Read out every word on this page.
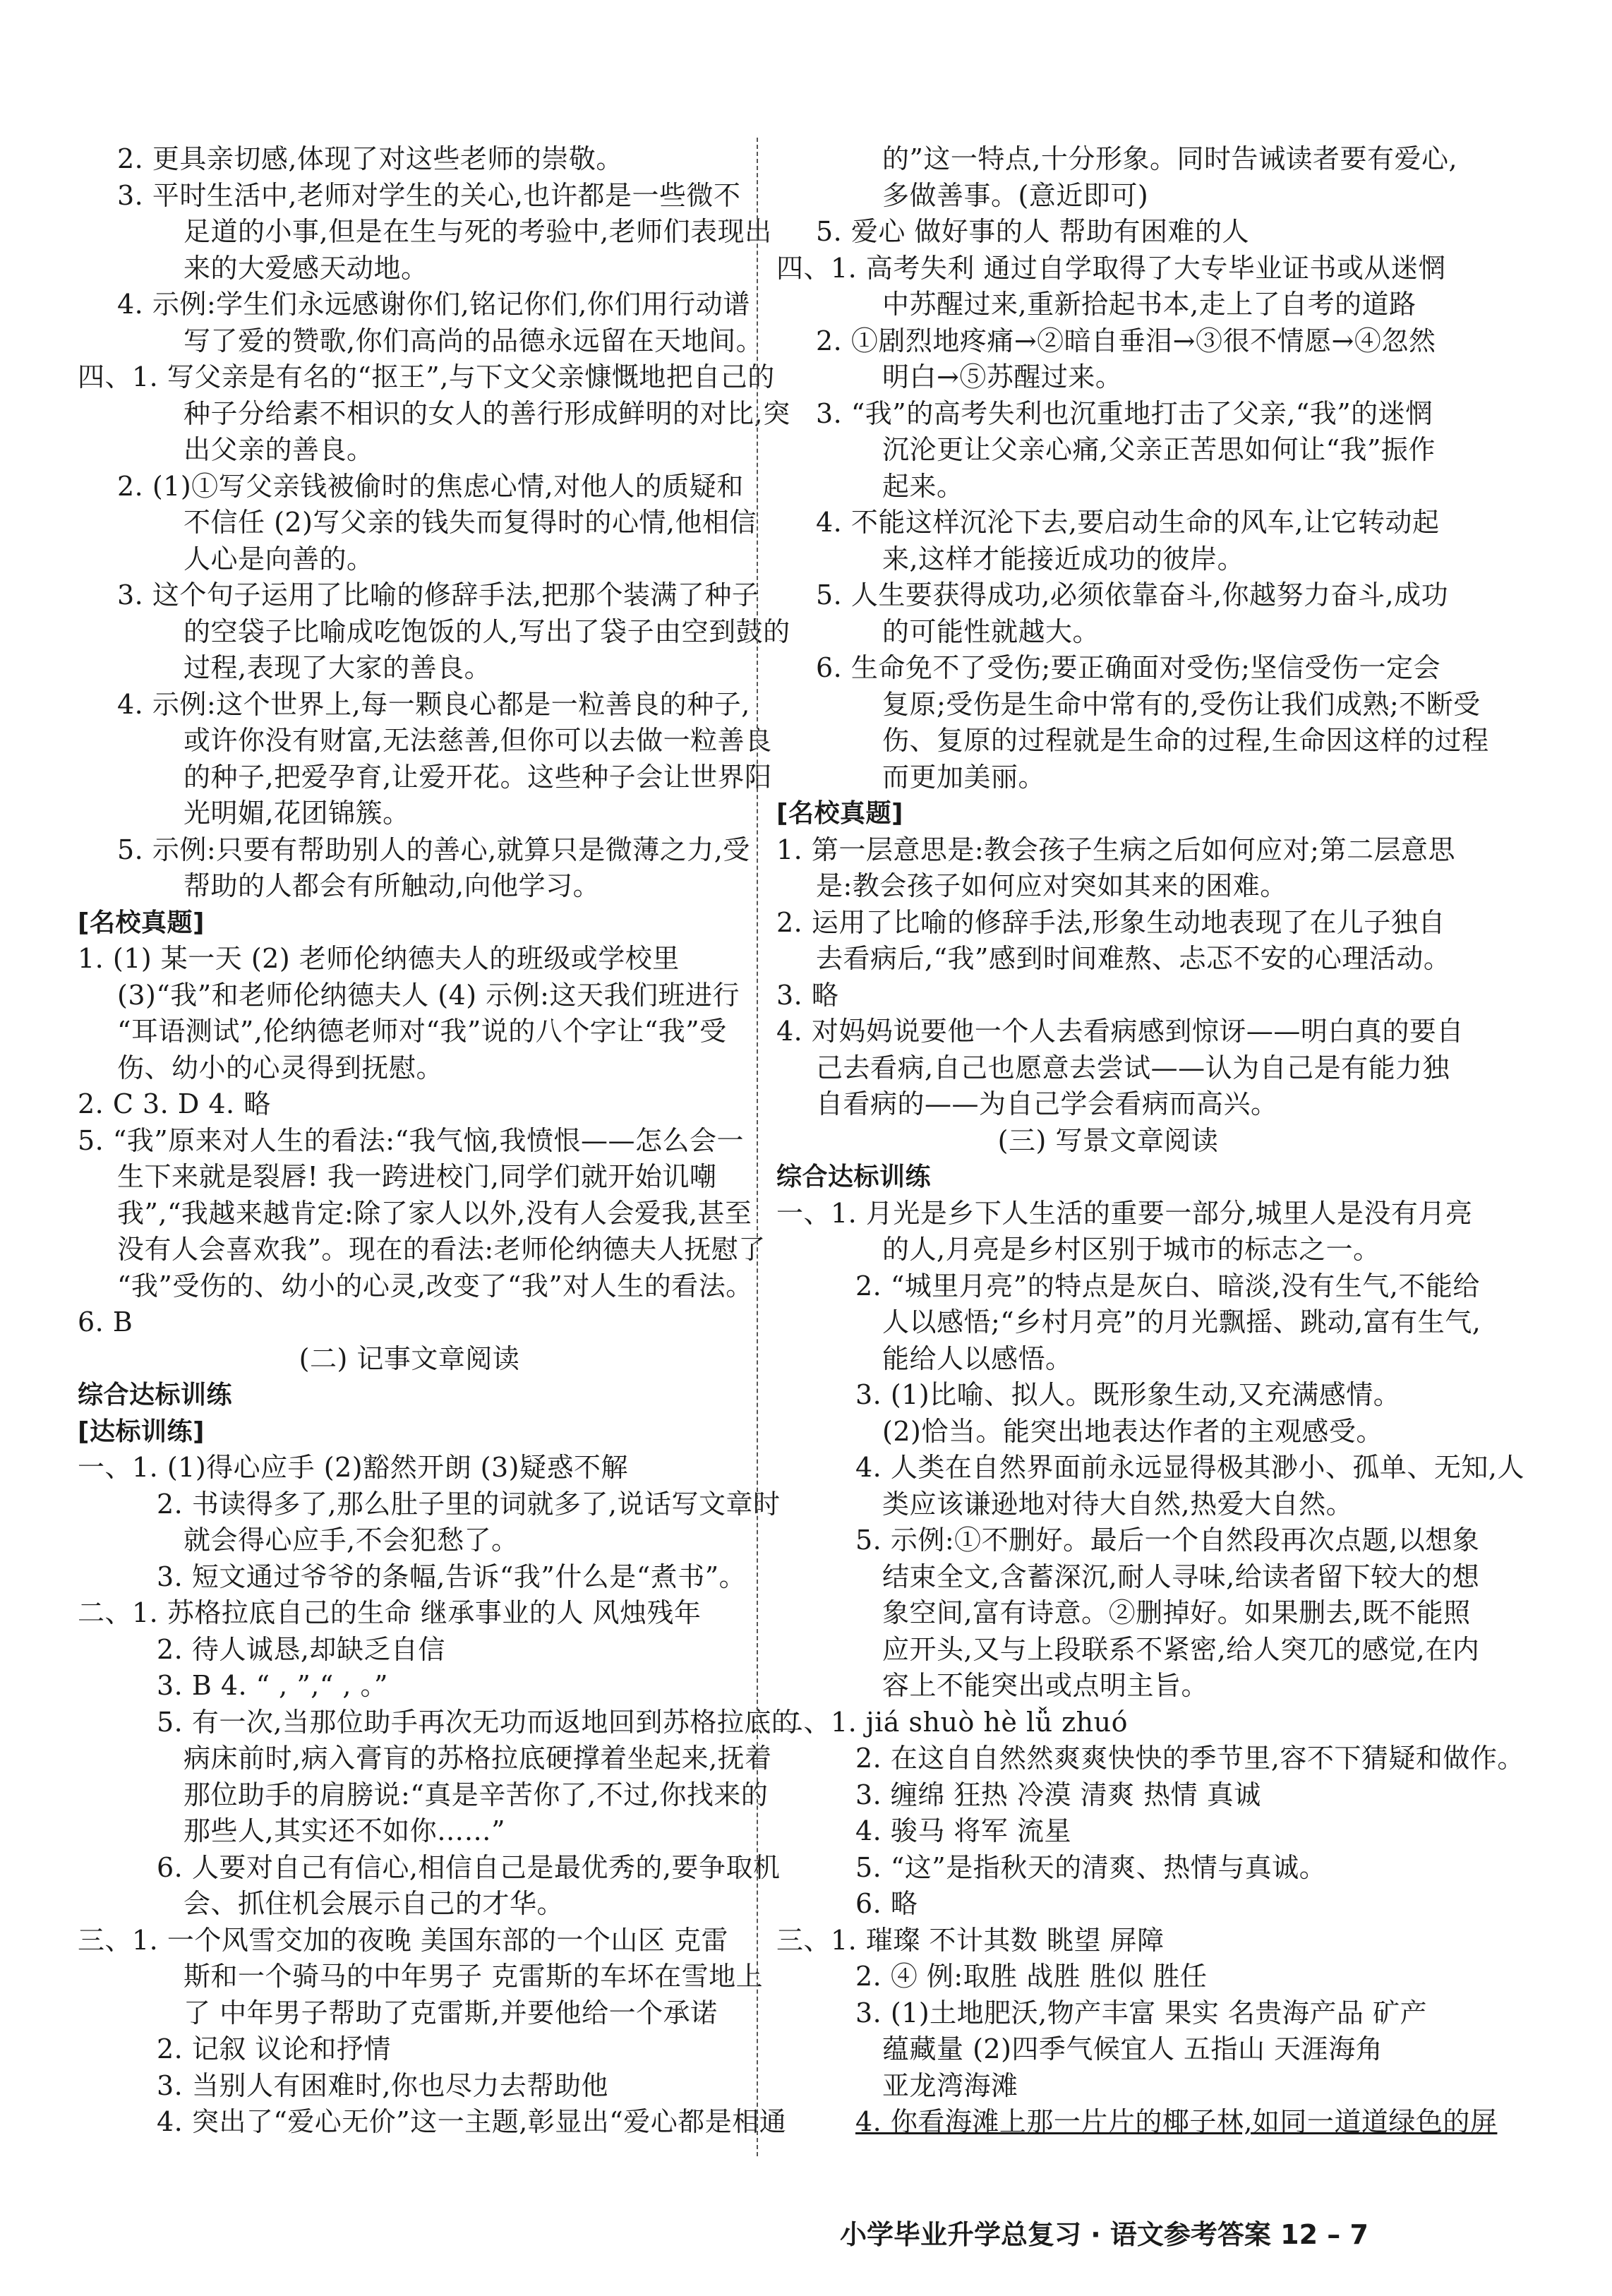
2. 更具亲切感,体现了对这些老师的崇敬。
3. 平时生活中,老师对学生的关心,也许都是一些微不
足道的小事,但是在生与死的考验中,老师们表现出
来的大爱感天动地。
4. 示例:学生们永远感谢你们,铭记你们,你们用行动谱
写了爱的赞歌,你们高尚的品德永远留在天地间。
四、1. 写父亲是有名的“抠王”,与下文父亲慷慨地把自己的
种子分给素不相识的女人的善行形成鲜明的对比,突
出父亲的善良。
2. (1)①写父亲钱被偷时的焦虑心情,对他人的质疑和
不信任 (2)写父亲的钱失而复得时的心情,他相信
人心是向善的。
3. 这个句子运用了比喻的修辞手法,把那个装满了种子
的空袋子比喻成吃饱饭的人,写出了袋子由空到鼓的
过程,表现了大家的善良。
4. 示例:这个世界上,每一颗良心都是一粒善良的种子,
或许你没有财富,无法慈善,但你可以去做一粒善良
的种子,把爱孕育,让爱开花。这些种子会让世界阳
光明媚,花团锦簇。
5. 示例:只要有帮助别人的善心,就算只是微薄之力,受
帮助的人都会有所触动,向他学习。
[名校真题]
1. (1) 某一天 (2) 老师伦纳德夫人的班级或学校里
(3)“我”和老师伦纳德夫人 (4) 示例:这天我们班进行
“耳语测试”,伦纳德老师对“我”说的八个字让“我”受
伤、幼小的心灵得到抚慰。
2. C 3. D 4. 略
5. “我”原来对人生的看法:“我气恼,我愤恨——怎么会一
生下来就是裂唇! 我一跨进校门,同学们就开始讥嘲
我”,“我越来越肯定:除了家人以外,没有人会爱我,甚至
没有人会喜欢我”。现在的看法:老师伦纳德夫人抚慰了
“我”受伤的、幼小的心灵,改变了“我”对人生的看法。
6. B
(二) 记事文章阅读
综合达标训练
[达标训练]
一、1. (1)得心应手 (2)豁然开朗 (3)疑惑不解
2. 书读得多了,那么肚子里的词就多了,说话写文章时
就会得心应手,不会犯愁了。
3. 短文通过爷爷的条幅,告诉“我”什么是“煮书”。
二、1. 苏格拉底自己的生命 继承事业的人 风烛残年
2. 待人诚恳,却缺乏自信
3. B 4. “ , ”,“ , 。”
5. 有一次,当那位助手再次无功而返地回到苏格拉底的
病床前时,病入膏肓的苏格拉底硬撑着坐起来,抚着
那位助手的肩膀说:“真是辛苦你了,不过,你找来的
那些人,其实还不如你……”
6. 人要对自己有信心,相信自己是最优秀的,要争取机
会、抓住机会展示自己的才华。
三、1. 一个风雪交加的夜晚 美国东部的一个山区 克雷
斯和一个骑马的中年男子 克雷斯的车坏在雪地上
了 中年男子帮助了克雷斯,并要他给一个承诺
2. 记叙 议论和抒情
3. 当别人有困难时,你也尽力去帮助他
4. 突出了“爱心无价”这一主题,彰显出“爱心都是相通
的”这一特点,十分形象。同时告诫读者要有爱心,
多做善事。(意近即可)
5. 爱心 做好事的人 帮助有困难的人
四、1. 高考失利 通过自学取得了大专毕业证书或从迷惘
中苏醒过来,重新拾起书本,走上了自考的道路
2. ①剧烈地疼痛→②暗自垂泪→③很不情愿→④忽然
明白→⑤苏醒过来。
3. “我”的高考失利也沉重地打击了父亲,“我”的迷惘
沉沦更让父亲心痛,父亲正苦思如何让“我”振作
起来。
4. 不能这样沉沦下去,要启动生命的风车,让它转动起
来,这样才能接近成功的彼岸。
5. 人生要获得成功,必须依靠奋斗,你越努力奋斗,成功
的可能性就越大。
6. 生命免不了受伤;要正确面对受伤;坚信受伤一定会
复原;受伤是生命中常有的,受伤让我们成熟;不断受
伤、复原的过程就是生命的过程,生命因这样的过程
而更加美丽。
[名校真题]
1. 第一层意思是:教会孩子生病之后如何应对;第二层意思
是:教会孩子如何应对突如其来的困难。
2. 运用了比喻的修辞手法,形象生动地表现了在儿子独自
去看病后,“我”感到时间难熬、忐忑不安的心理活动。
3. 略
4. 对妈妈说要他一个人去看病感到惊讶——明白真的要自
己去看病,自己也愿意去尝试——认为自己是有能力独
自看病的——为自己学会看病而高兴。
(三) 写景文章阅读
综合达标训练
一、1. 月光是乡下人生活的重要一部分,城里人是没有月亮
的人,月亮是乡村区别于城市的标志之一。
2. “城里月亮”的特点是灰白、暗淡,没有生气,不能给
人以感悟;“乡村月亮”的月光飘摇、跳动,富有生气,
能给人以感悟。
3. (1)比喻、拟人。既形象生动,又充满感情。
(2)恰当。能突出地表达作者的主观感受。
4. 人类在自然界面前永远显得极其渺小、孤单、无知,人
类应该谦逊地对待大自然,热爱大自然。
5. 示例:①不删好。最后一个自然段再次点题,以想象
结束全文,含蓄深沉,耐人寻味,给读者留下较大的想
象空间,富有诗意。②删掉好。如果删去,既不能照
应开头,又与上段联系不紧密,给人突兀的感觉,在内
容上不能突出或点明主旨。
二、1. jiá shuò hè lǚ zhuó
2. 在这自自然然爽爽快快的季节里,容不下猜疑和做作。
3. 缠绵 狂热 冷漠 清爽 热情 真诚
4. 骏马 将军 流星
5. “这”是指秋天的清爽、热情与真诚。
6. 略
三、1. 璀璨 不计其数 眺望 屏障
2. ④ 例:取胜 战胜 胜似 胜任
3. (1)土地肥沃,物产丰富 果实 名贵海产品 矿产
蕴藏量 (2)四季气候宜人 五指山 天涯海角
亚龙湾海滩
4. 你看海滩上那一片片的椰子林,如同一道道绿色的屏
小学毕业升学总复习 · 语文参考答案 12 – 7
